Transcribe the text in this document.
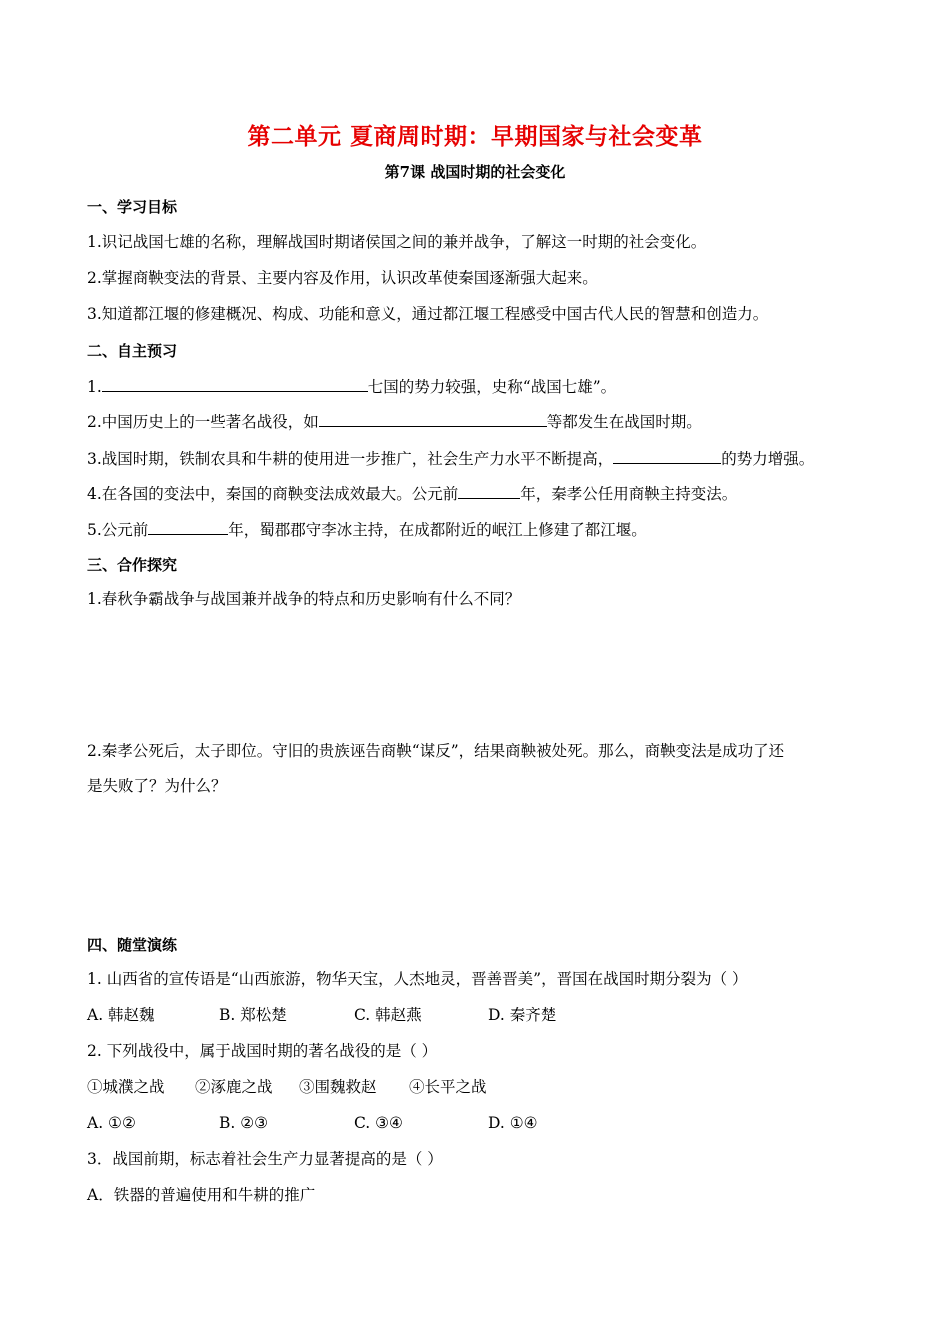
第二单元 夏商周时期：早期国家与社会变革
第7课 战国时期的社会变化
一、学习目标
1.识记战国七雄的名称，理解战国时期诸侯国之间的兼并战争，了解这一时期的社会变化。
2.掌握商鞅变法的背景、主要内容及作用，认识改革使秦国逐渐强大起来。
3.知道都江堰的修建概况、构成、功能和意义，通过都江堰工程感受中国古代人民的智慧和创造力。
二、自主预习
1.	七国的势力较强，史称“战国七雄”。
2.中国历史上的一些著名战役，如	等都发生在战国时期。
3.战国时期，铁制农具和牛耕的使用进一步推广，社会生产力水平不断提高，	的势力增强。
4.在各国的变法中，秦国的商鞅变法成效最大。公元前	年，秦孝公任用商鞅主持变法。
5.公元前	年，蜀郡郡守李冰主持，在成都附近的岷江上修建了都江堰。
三、合作探究
1.春秋争霸战争与战国兼并战争的特点和历史影响有什么不同？
2.秦孝公死后，太子即位。守旧的贵族诬告商鞅“谋反”，结果商鞅被处死。那么，商鞅变法是成功了还
是失败了？为什么？
四、随堂演练
1. 山西省的宣传语是“山西旅游，物华天宝，人杰地灵，晋善晋美”，晋国在战国时期分裂为（ ）
A. 韩赵魏	B. 郑松楚	C. 韩赵燕	D. 秦齐楚
2. 下列战役中，属于战国时期的著名战役的是（ ）
①城濮之战 ②涿鹿之战 ③围魏救赵 ④长平之战
A. ①②	B. ②③	C. ③④	D. ①④
3．战国前期，标志着社会生产力显著提高的是（ ）
A．铁器的普遍使用和牛耕的推广
